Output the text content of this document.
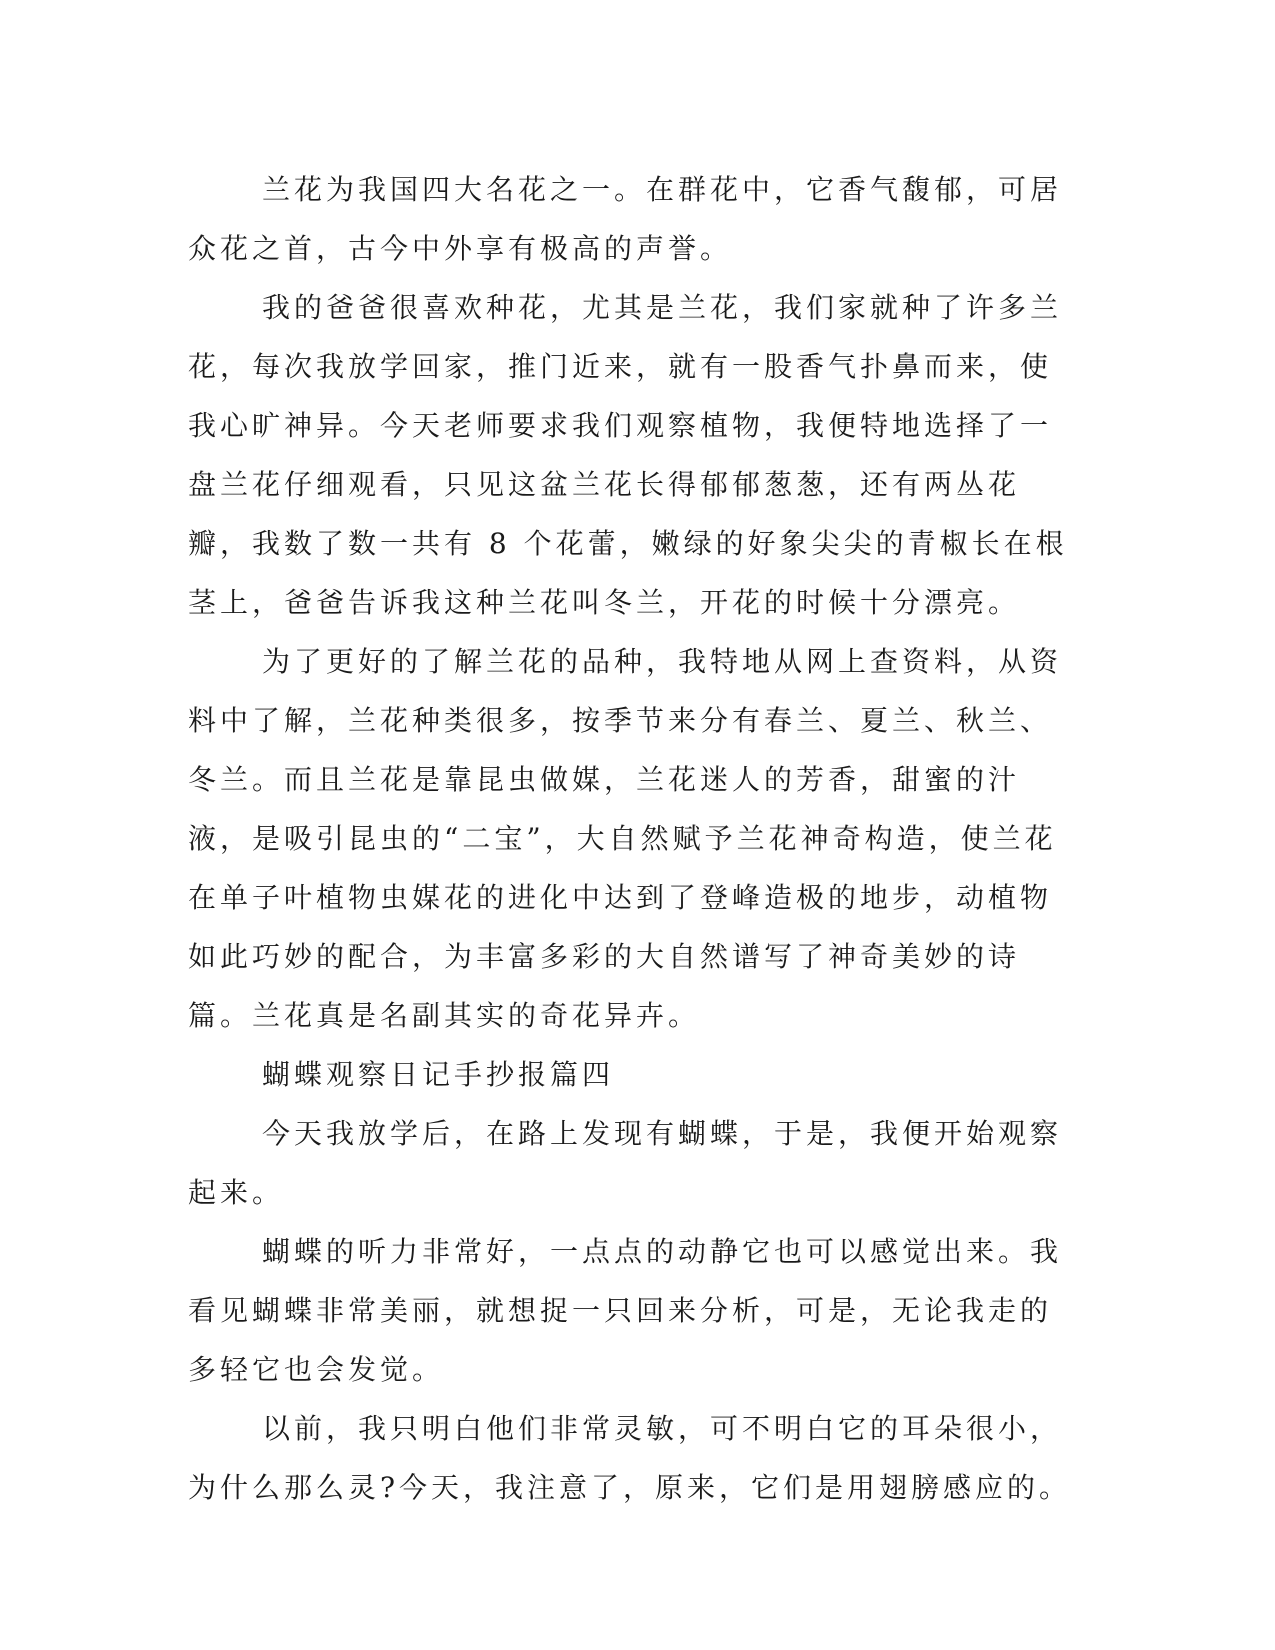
兰花为我国四大名花之一。在群花中，它香气馥郁，可居众花之首，古今中外享有极高的声誉。

我的爸爸很喜欢种花，尤其是兰花，我们家就种了许多兰花，每次我放学回家，推门近来，就有一股香气扑鼻而来，使我心旷神异。今天老师要求我们观察植物，我便特地选择了一盘兰花仔细观看，只见这盆兰花长得郁郁葱葱，还有两丛花瓣，我数了数一共有 8 个花蕾，嫩绿的好象尖尖的青椒长在根茎上，爸爸告诉我这种兰花叫冬兰，开花的时候十分漂亮。

为了更好的了解兰花的品种，我特地从网上查资料，从资料中了解，兰花种类很多，按季节来分有春兰、夏兰、秋兰、冬兰。而且兰花是靠昆虫做媒，兰花迷人的芳香，甜蜜的汁液，是吸引昆虫的“二宝”，大自然赋予兰花神奇构造，使兰花在单子叶植物虫媒花的进化中达到了登峰造极的地步，动植物如此巧妙的配合，为丰富多彩的大自然谱写了神奇美妙的诗篇。兰花真是名副其实的奇花异卉。

蝴蝶观察日记手抄报篇四

今天我放学后，在路上发现有蝴蝶，于是，我便开始观察起来。

蝴蝶的听力非常好，一点点的动静它也可以感觉出来。我看见蝴蝶非常美丽，就想捉一只回来分析，可是，无论我走的多轻它也会发觉。

以前，我只明白他们非常灵敏，可不明白它的耳朵很小，为什么那么灵?今天，我注意了，原来，它们是用翅膀感应的。
